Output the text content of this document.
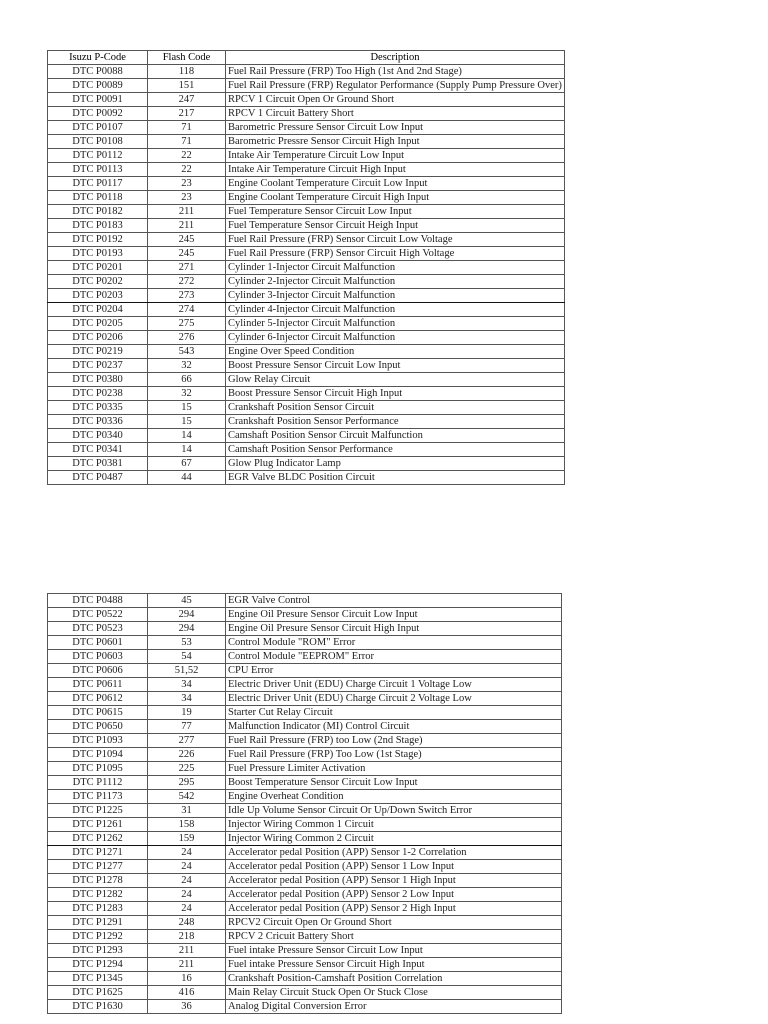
Isuzu P-Code	Flash Code	Description
DTC P0088	118	Fuel Rail Pressure (FRP) Too High (1st And 2nd Stage)
DTC P0089	151	Fuel Rail Pressure (FRP) Regulator Performance (Supply Pump Pressure Over)
DTC P0091	247	RPCV 1 Circuit Open Or Ground Short
DTC P0092	217	RPCV 1 Circuit Battery Short
DTC P0107	71	Barometric Pressure Sensor Circuit Low Input
DTC P0108	71	Barometric Pressre Sensor Circuit High Input
DTC P0112	22	Intake Air Temperature Circuit Low Input
DTC P0113	22	Intake Air Temperature Circuit High Input
DTC P0117	23	Engine Coolant Temperature Circuit Low Input
DTC P0118	23	Engine Coolant Temperature Circuit High Input
DTC P0182	211	Fuel Temperature Sensor Circuit Low Input
DTC P0183	211	Fuel Temperature Sensor Circuit Heigh Input
DTC P0192	245	Fuel Rail Pressure (FRP) Sensor Circuit Low Voltage
DTC P0193	245	Fuel Rail Pressure (FRP) Sensor Circuit High Voltage
DTC P0201	271	Cylinder 1-Injector Circuit Malfunction
DTC P0202	272	Cylinder 2-Injector Circuit Malfunction
DTC P0203	273	Cylinder 3-Injector Circuit Malfunction
DTC P0204	274	Cylinder 4-Injector Circuit Malfunction
DTC P0205	275	Cylinder 5-Injector Circuit Malfunction
DTC P0206	276	Cylinder 6-Injector Circuit Malfunction
DTC P0219	543	Engine Over Speed Condition
DTC P0237	32	Boost Pressure Sensor Circuit Low Input
DTC P0380	66	Glow Relay Circuit
DTC P0238	32	Boost Pressure Sensor Circuit High Input
DTC P0335	15	Crankshaft Position Sensor Circuit
DTC P0336	15	Crankshaft Position Sensor Performance
DTC P0340	14	Camshaft Position Sensor Circuit Malfunction
DTC P0341	14	Camshaft Position Sensor Performance
DTC P0381	67	Glow Plug Indicator Lamp
DTC P0487	44	EGR Valve BLDC Position Circuit
DTC P0488	45	EGR Valve Control
DTC P0522	294	Engine Oil Presure Sensor Circuit Low Input
DTC P0523	294	Engine Oil Presure Sensor Circuit High Input
DTC P0601	53	Control Module "ROM" Error
DTC P0603	54	Control Module "EEPROM" Error
DTC P0606	51,52	CPU Error
DTC P0611	34	Electric Driver Unit (EDU) Charge Circuit 1 Voltage Low
DTC P0612	34	Electric Driver Unit (EDU) Charge Circuit 2 Voltage Low
DTC P0615	19	Starter Cut Relay Circuit
DTC P0650	77	Malfunction Indicator (MI) Control Circuit
DTC P1093	277	Fuel Rail Pressure (FRP) too Low (2nd Stage)
DTC P1094	226	Fuel Rail Pressure (FRP) Too Low (1st Stage)
DTC P1095	225	Fuel Pressure Limiter Activation
DTC P1112	295	Boost Temperature Sensor Circuit Low Input
DTC P1173	542	Engine Overheat Condition
DTC P1225	31	Idle Up Volume Sensor Circuit Or Up/Down Switch Error
DTC P1261	158	Injector Wiring Common 1 Circuit
DTC P1262	159	Injector Wiring Common 2 Circuit
DTC P1271	24	Accelerator pedal Position (APP) Sensor 1-2 Correlation
DTC P1277	24	Accelerator pedal Position (APP) Sensor 1 Low Input
DTC P1278	24	Accelerator pedal Position (APP) Sensor 1 High Input
DTC P1282	24	Accelerator pedal Position (APP) Sensor 2 Low Input
DTC P1283	24	Accelerator pedal Position (APP) Sensor 2 High Input
DTC P1291	248	RPCV2 Circuit Open Or Ground Short
DTC P1292	218	RPCV 2 Cricuit Battery Short
DTC P1293	211	Fuel intake Pressure Sensor Circuit Low Input
DTC P1294	211	Fuel intake Pressure Sensor Circuit High Input
DTC P1345	16	Crankshaft Position-Camshaft Position Correlation
DTC P1625	416	Main Relay Circuit Stuck Open Or Stuck Close
DTC P1630	36	Analog Digital Conversion Error
